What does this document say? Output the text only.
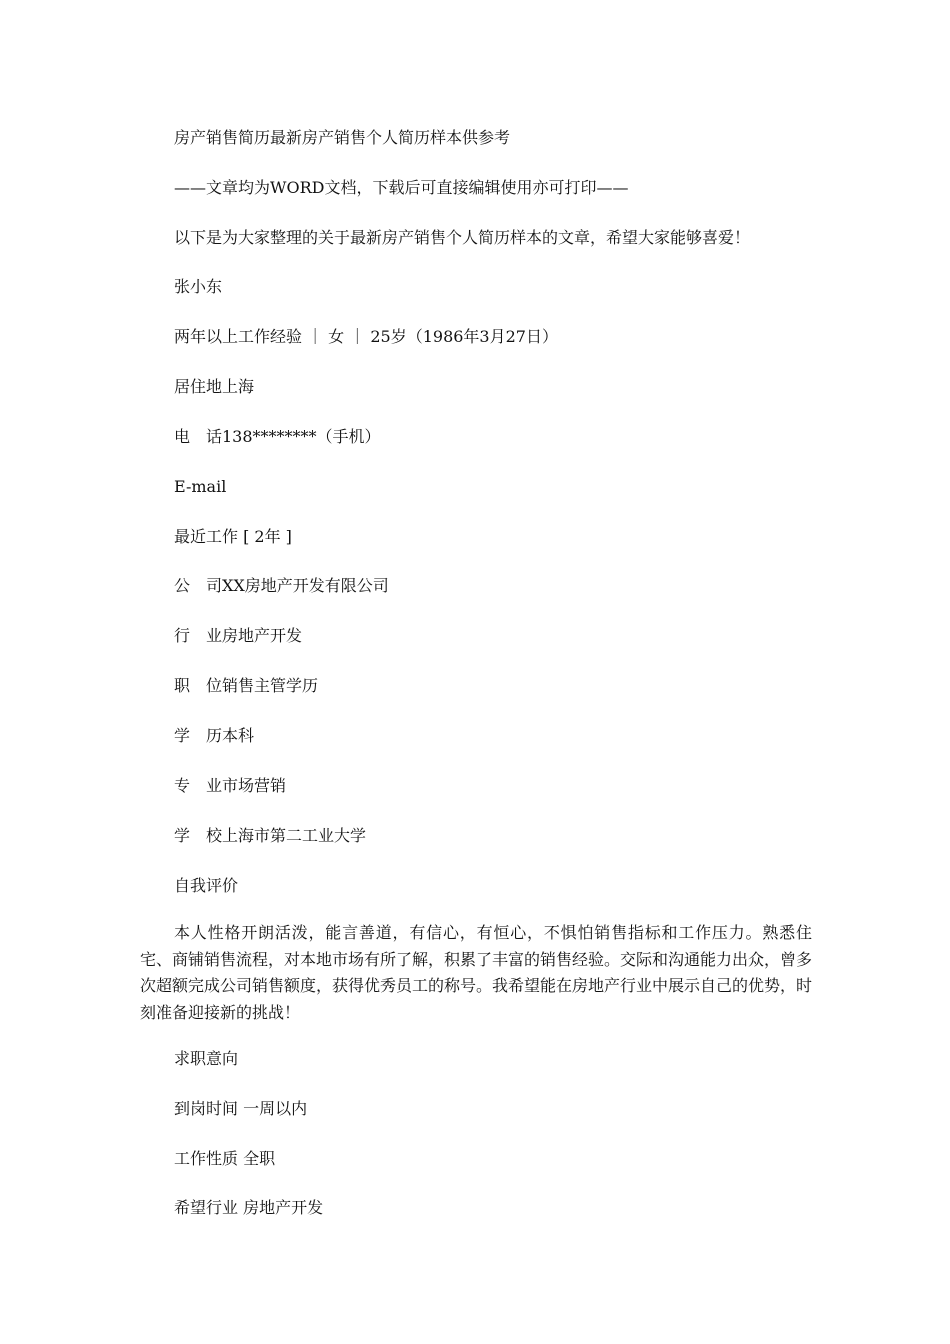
房产销售简历最新房产销售个人简历样本供参考
——文章均为WORD文档，下载后可直接编辑使用亦可打印——
以下是为大家整理的关于最新房产销售个人简历样本的文章，希望大家能够喜爱！
张小东
两年以上工作经验 ｜ 女 ｜ 25岁（1986年3月27日）
居住地上海
电　话138********（手机）
E-mail
最近工作 [ 2年 ]
公　司XX房地产开发有限公司
行　业房地产开发
职　位销售主管学历
学　历本科
专　业市场营销
学　校上海市第二工业大学
自我评价
本人性格开朗活泼，能言善道，有信心，有恒心，不惧怕销售指标和工作压力。熟悉住宅、商铺销售流程，对本地市场有所了解，积累了丰富的销售经验。交际和沟通能力出众，曾多次超额完成公司销售额度，获得优秀员工的称号。我希望能在房地产行业中展示自己的优势，时刻准备迎接新的挑战！
求职意向
到岗时间 一周以内
工作性质 全职
希望行业 房地产开发
